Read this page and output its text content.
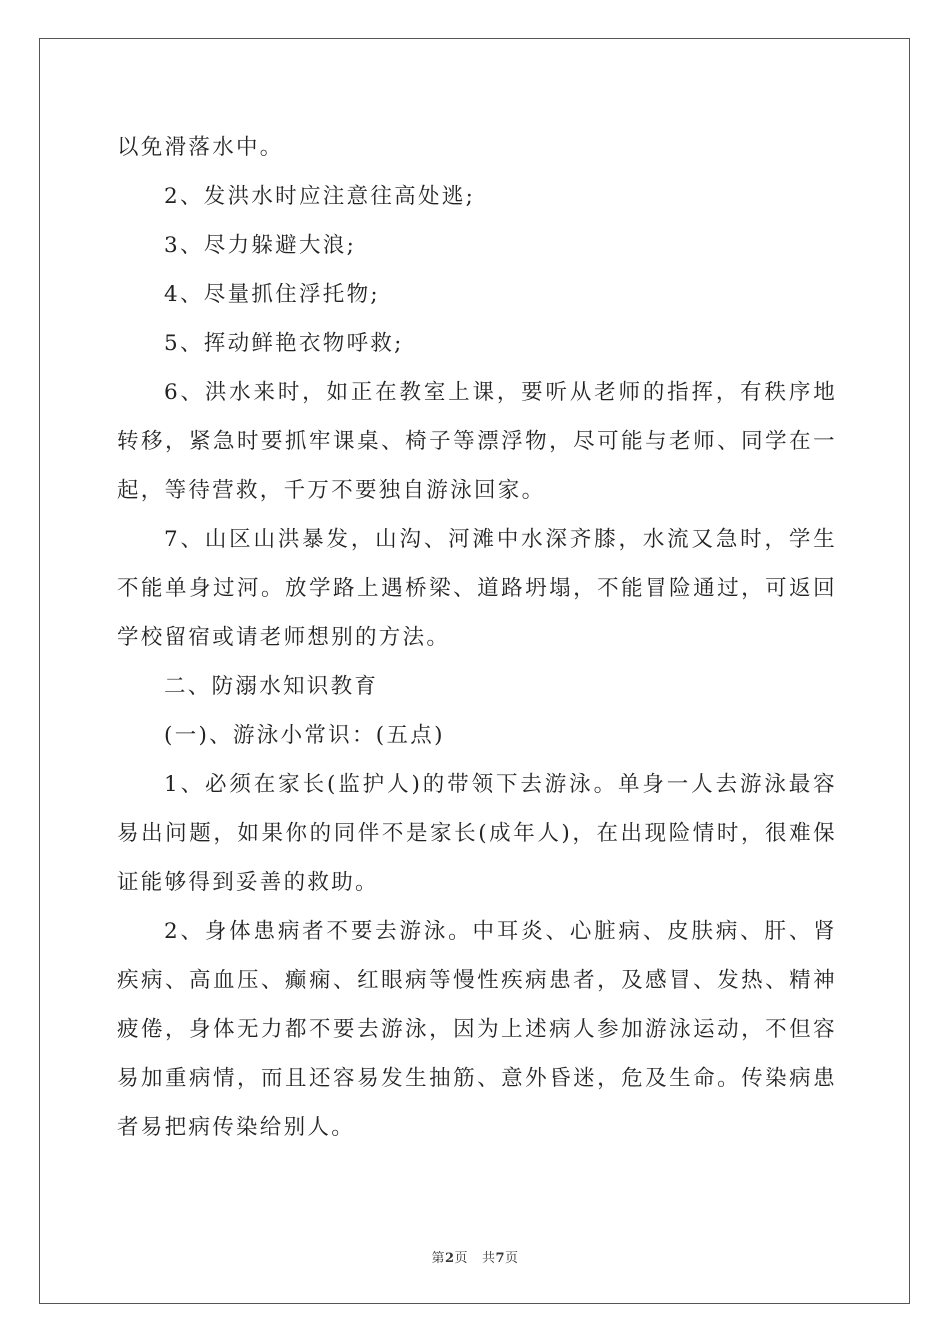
以免滑落水中。

2、发洪水时应注意往高处逃;

3、尽力躲避大浪;

4、尽量抓住浮托物;

5、挥动鲜艳衣物呼救;

6、洪水来时，如正在教室上课，要听从老师的指挥，有秩序地转移，紧急时要抓牢课桌、椅子等漂浮物，尽可能与老师、同学在一起，等待营救，千万不要独自游泳回家。

7、山区山洪暴发，山沟、河滩中水深齐膝，水流又急时，学生不能单身过河。放学路上遇桥梁、道路坍塌，不能冒险通过，可返回学校留宿或请老师想别的方法。

二、防溺水知识教育

(一)、游泳小常识：(五点)

1、必须在家长(监护人)的带领下去游泳。单身一人去游泳最容易出问题，如果你的同伴不是家长(成年人)，在出现险情时，很难保证能够得到妥善的救助。

2、身体患病者不要去游泳。中耳炎、心脏病、皮肤病、肝、肾疾病、高血压、癫痫、红眼病等慢性疾病患者，及感冒、发热、精神疲倦，身体无力都不要去游泳，因为上述病人参加游泳运动，不但容易加重病情，而且还容易发生抽筋、意外昏迷，危及生命。传染病患者易把病传染给别人。

第2页 共7页
